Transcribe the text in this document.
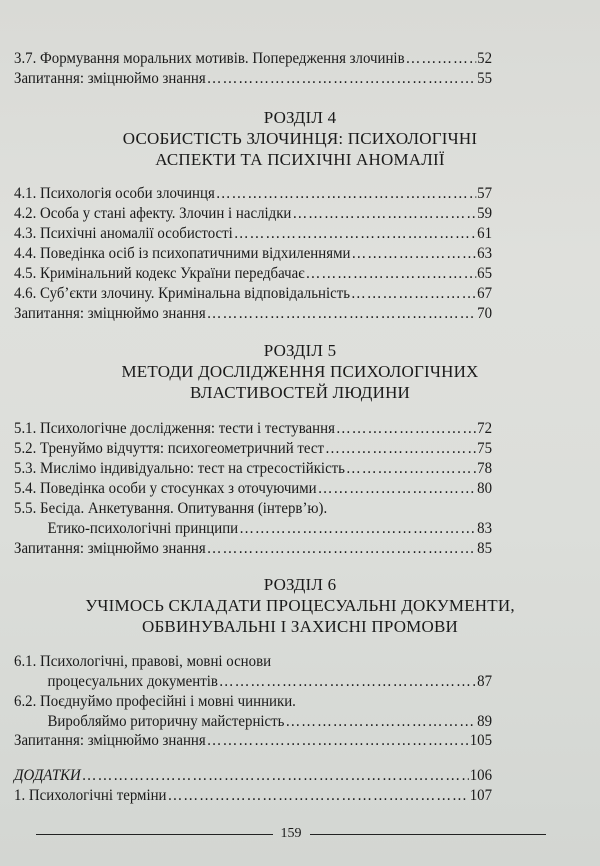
3.7. Формування моральних мотивів. Попередження злочинів …………………………………………………………………………………………………………………………………………	52
Запитання: зміцнюймо знання …………………………………………………………………………………………………………………………………………	55
РОЗДІЛ 4
ОСОБИСТІСТЬ ЗЛОЧИНЦЯ: ПСИХОЛОГІЧНІ
АСПЕКТИ ТА ПСИХІЧНІ АНОМАЛІЇ
4.1. Психологія особи злочинця …………………………………………………………………………………………………………………………………………	57
4.2. Особа у стані афекту. Злочин і наслідки …………………………………………………………………………………………………………………………………………	59
4.3. Психічні аномалії особистості …………………………………………………………………………………………………………………………………………	61
4.4. Поведінка осіб із психопатичними відхиленнями …………………………………………………………………………………………………………………………………………	63
4.5. Кримінальний кодекс України передбачає …………………………………………………………………………………………………………………………………………	65
4.6. Суб’єкти злочину. Кримінальна відповідальність …………………………………………………………………………………………………………………………………………	67
Запитання: зміцнюймо знання …………………………………………………………………………………………………………………………………………	70
РОЗДІЛ 5
МЕТОДИ ДОСЛІДЖЕННЯ ПСИХОЛОГІЧНИХ
ВЛАСТИВОСТЕЙ ЛЮДИНИ
5.1. Психологічне дослідження: тести і тестування …………………………………………………………………………………………………………………………………………	72
5.2. Тренуймо відчуття: психогеометричний тест …………………………………………………………………………………………………………………………………………	75
5.3. Мислімо індивідуально: тест на стресостійкість …………………………………………………………………………………………………………………………………………	78
5.4. Поведінка особи у стосунках з оточуючими …………………………………………………………………………………………………………………………………………	80
5.5. Бесіда. Анкетування. Опитування (інтерв’ю).
Етико-психологічні принципи …………………………………………………………………………………………………………………………………………	83
Запитання: зміцнюймо знання …………………………………………………………………………………………………………………………………………	85
РОЗДІЛ 6
УЧІМОСЬ СКЛАДАТИ ПРОЦЕСУАЛЬНІ ДОКУМЕНТИ,
ОБВИНУВАЛЬНІ І ЗАХИСНІ ПРОМОВИ
6.1. Психологічні, правові, мовні основи
процесуальних документів …………………………………………………………………………………………………………………………………………	87
6.2. Поєднуймо професійні і мовні чинники.
Виробляймо риторичну майстерність …………………………………………………………………………………………………………………………………………	89
Запитання: зміцнюймо знання …………………………………………………………………………………………………………………………………………	105
ДОДАТКИ …………………………………………………………………………………………………………………………………………	106
1. Психологічні терміни …………………………………………………………………………………………………………………………………………	107
159
